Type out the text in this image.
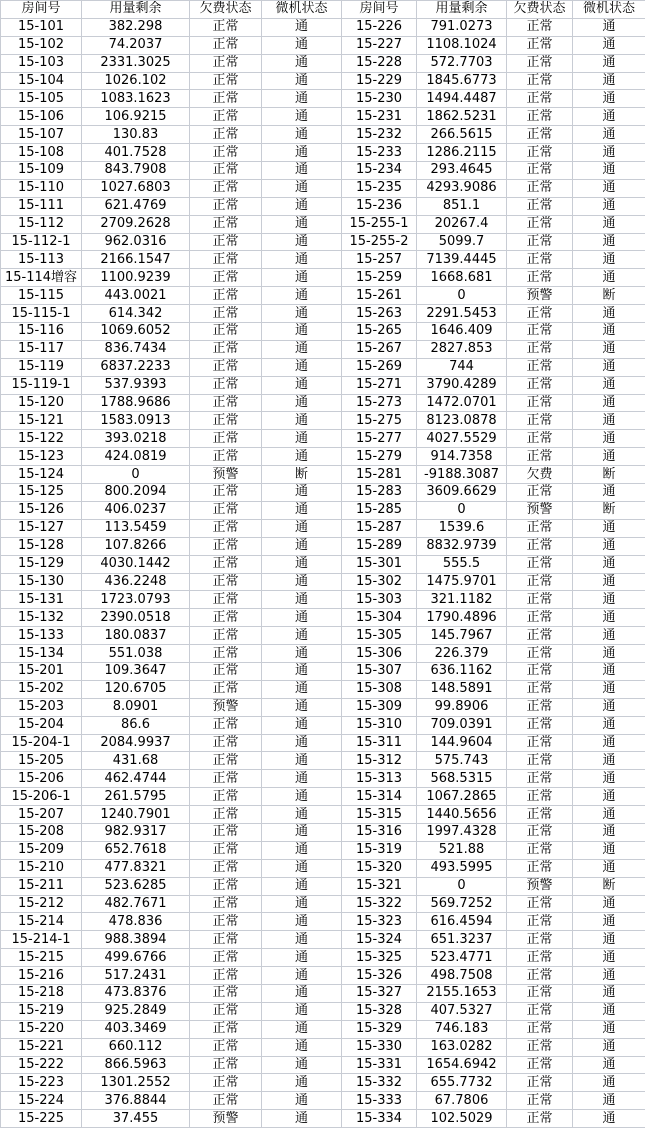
房间号	用量剩余	欠费状态	微机状态	房间号	用量剩余	欠费状态	微机状态
15-101	382.298	正常	通	15-226	791.0273	正常	通
15-102	74.2037	正常	通	15-227	1108.1024	正常	通
15-103	2331.3025	正常	通	15-228	572.7703	正常	通
15-104	1026.102	正常	通	15-229	1845.6773	正常	通
15-105	1083.1623	正常	通	15-230	1494.4487	正常	通
15-106	106.9215	正常	通	15-231	1862.5231	正常	通
15-107	130.83	正常	通	15-232	266.5615	正常	通
15-108	401.7528	正常	通	15-233	1286.2115	正常	通
15-109	843.7908	正常	通	15-234	293.4645	正常	通
15-110	1027.6803	正常	通	15-235	4293.9086	正常	通
15-111	621.4769	正常	通	15-236	851.1	正常	通
15-112	2709.2628	正常	通	15-255-1	20267.4	正常	通
15-112-1	962.0316	正常	通	15-255-2	5099.7	正常	通
15-113	2166.1547	正常	通	15-257	7139.4445	正常	通
15-114增容	1100.9239	正常	通	15-259	1668.681	正常	通
15-115	443.0021	正常	通	15-261	0	预警	断
15-115-1	614.342	正常	通	15-263	2291.5453	正常	通
15-116	1069.6052	正常	通	15-265	1646.409	正常	通
15-117	836.7434	正常	通	15-267	2827.853	正常	通
15-119	6837.2233	正常	通	15-269	744	正常	通
15-119-1	537.9393	正常	通	15-271	3790.4289	正常	通
15-120	1788.9686	正常	通	15-273	1472.0701	正常	通
15-121	1583.0913	正常	通	15-275	8123.0878	正常	通
15-122	393.0218	正常	通	15-277	4027.5529	正常	通
15-123	424.0819	正常	通	15-279	914.7358	正常	通
15-124	0	预警	断	15-281	-9188.3087	欠费	断
15-125	800.2094	正常	通	15-283	3609.6629	正常	通
15-126	406.0237	正常	通	15-285	0	预警	断
15-127	113.5459	正常	通	15-287	1539.6	正常	通
15-128	107.8266	正常	通	15-289	8832.9739	正常	通
15-129	4030.1442	正常	通	15-301	555.5	正常	通
15-130	436.2248	正常	通	15-302	1475.9701	正常	通
15-131	1723.0793	正常	通	15-303	321.1182	正常	通
15-132	2390.0518	正常	通	15-304	1790.4896	正常	通
15-133	180.0837	正常	通	15-305	145.7967	正常	通
15-134	551.038	正常	通	15-306	226.379	正常	通
15-201	109.3647	正常	通	15-307	636.1162	正常	通
15-202	120.6705	正常	通	15-308	148.5891	正常	通
15-203	8.0901	预警	通	15-309	99.8906	正常	通
15-204	86.6	正常	通	15-310	709.0391	正常	通
15-204-1	2084.9937	正常	通	15-311	144.9604	正常	通
15-205	431.68	正常	通	15-312	575.743	正常	通
15-206	462.4744	正常	通	15-313	568.5315	正常	通
15-206-1	261.5795	正常	通	15-314	1067.2865	正常	通
15-207	1240.7901	正常	通	15-315	1440.5656	正常	通
15-208	982.9317	正常	通	15-316	1997.4328	正常	通
15-209	652.7618	正常	通	15-319	521.88	正常	通
15-210	477.8321	正常	通	15-320	493.5995	正常	通
15-211	523.6285	正常	通	15-321	0	预警	断
15-212	482.7671	正常	通	15-322	569.7252	正常	通
15-214	478.836	正常	通	15-323	616.4594	正常	通
15-214-1	988.3894	正常	通	15-324	651.3237	正常	通
15-215	499.6766	正常	通	15-325	523.4771	正常	通
15-216	517.2431	正常	通	15-326	498.7508	正常	通
15-218	473.8376	正常	通	15-327	2155.1653	正常	通
15-219	925.2849	正常	通	15-328	407.5327	正常	通
15-220	403.3469	正常	通	15-329	746.183	正常	通
15-221	660.112	正常	通	15-330	163.0282	正常	通
15-222	866.5963	正常	通	15-331	1654.6942	正常	通
15-223	1301.2552	正常	通	15-332	655.7732	正常	通
15-224	376.8844	正常	通	15-333	67.7806	正常	通
15-225	37.455	预警	通	15-334	102.5029	正常	通
